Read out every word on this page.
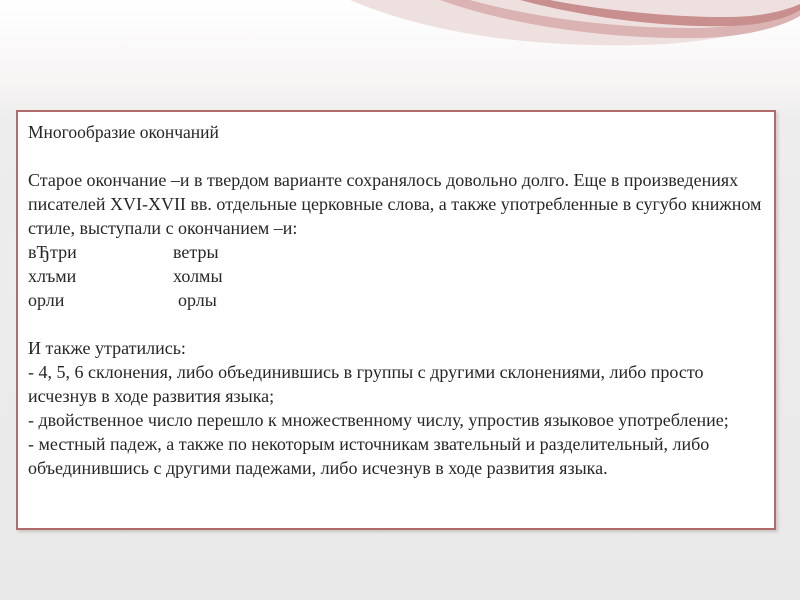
Многообразие окончаний

Старое окончание –и в твердом варианте сохранялось довольно долго. Еще в произведениях писателей XVI-XVII вв. отдельные церковные слова, а также употребленные в сугубо книжном стиле, выступали с окончанием –и:

вЂтри	ветры

хлъми	холмы

орли	орлы

И также утратились:

- 4, 5, 6 склонения, либо объединившись в группы с другими склонениями, либо просто исчезнув в ходе развития языка;

- двойственное число перешло к множественному числу, упростив языковое употребление;

- местный падеж, а также по некоторым источникам звательный и разделительный, либо объединившись с другими падежами, либо исчезнув в ходе развития языка.
